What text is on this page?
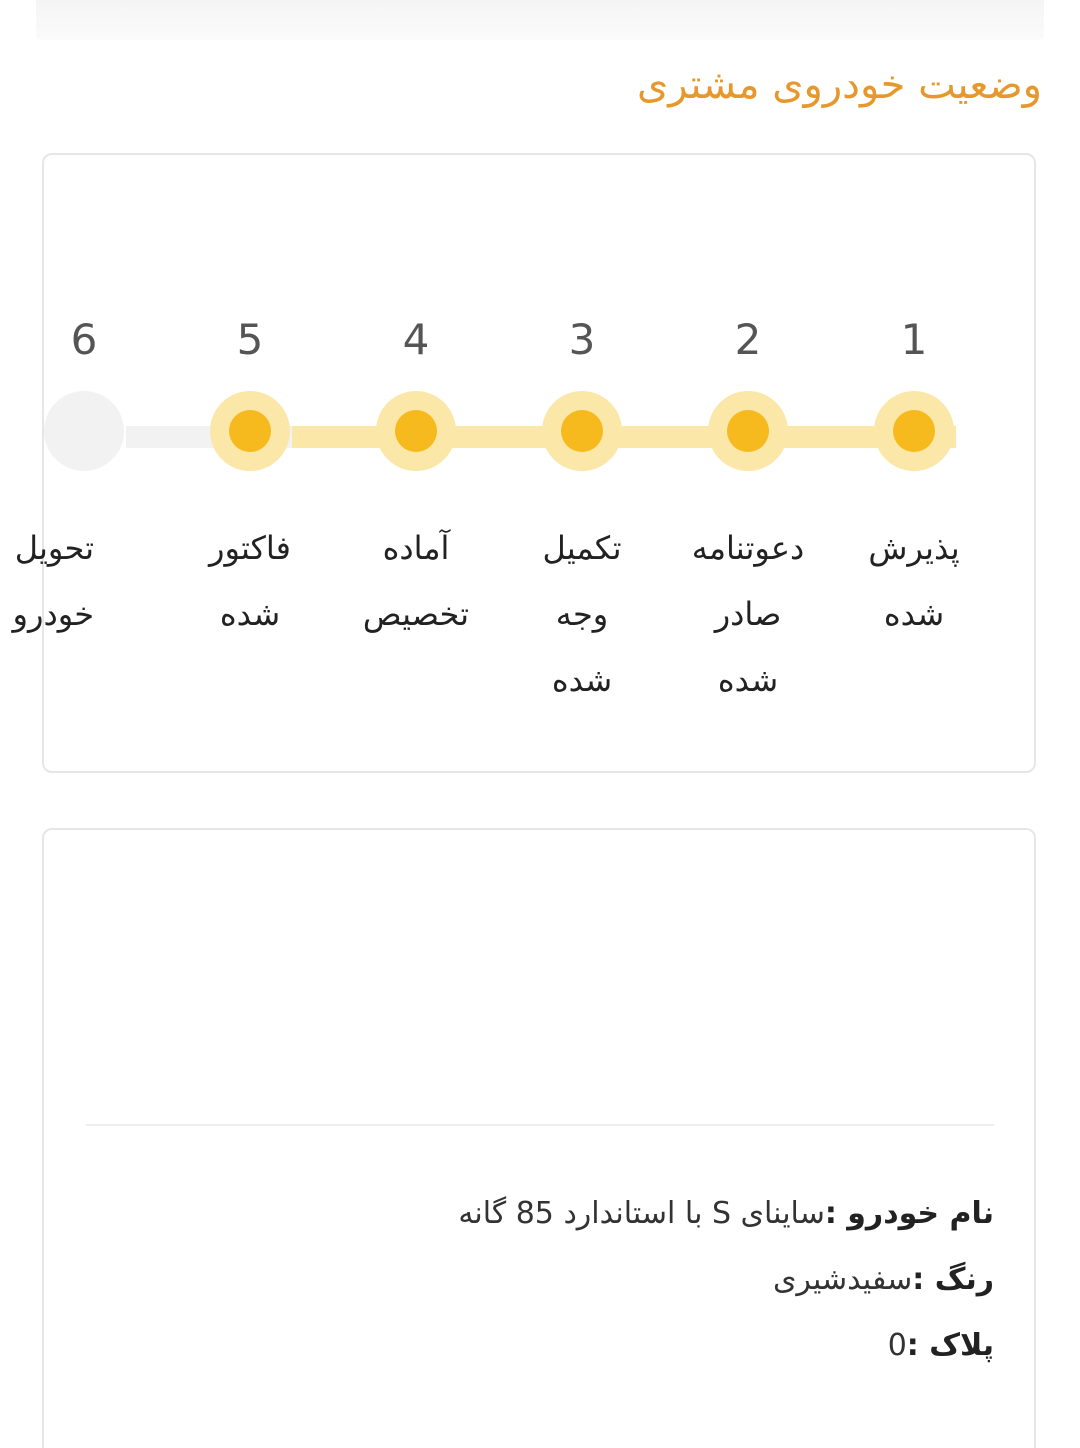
وضعیت خودروی مشتری
1
پذیرش
شده
2
دعوتنامه
صادر
شده
3
تکمیل
وجه
شده
4
آماده
تخصیص
5
فاکتور
شده
6
تحویل
خودرو
نام خودرو :ساینای S با استاندارد 85 گانه
رنگ :سفیدشیری
پلاک :0
